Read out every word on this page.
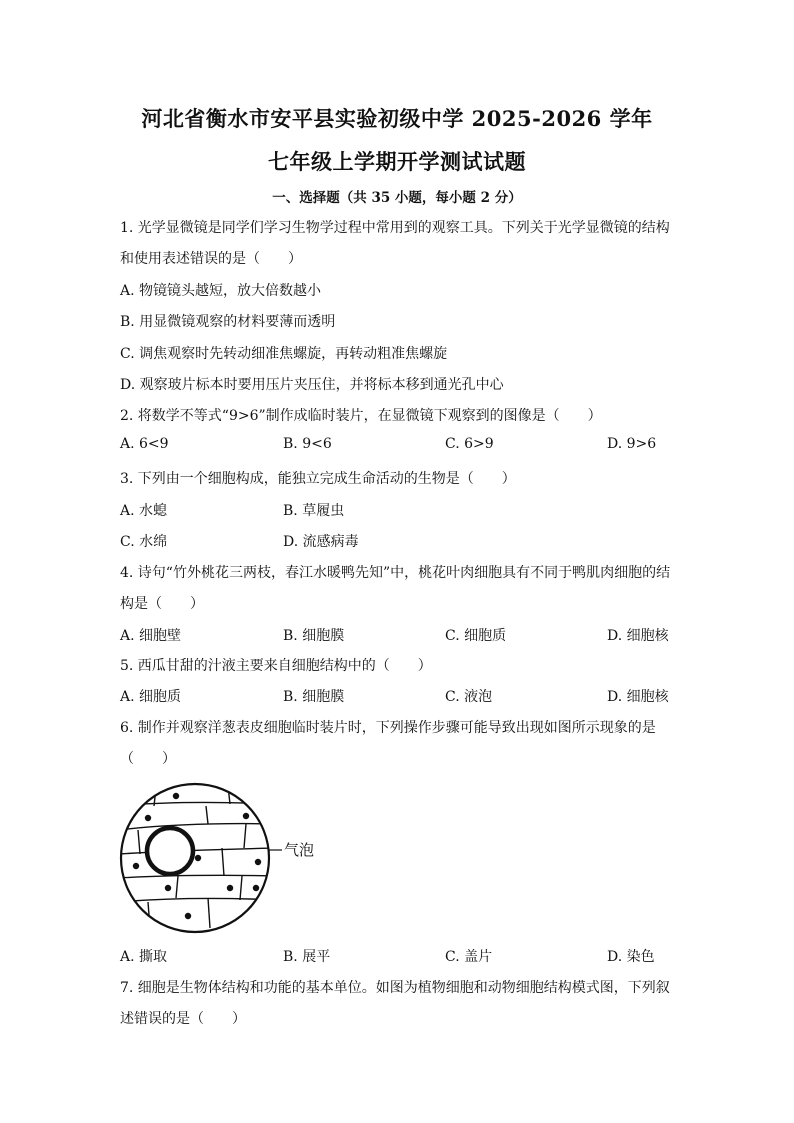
河北省衡水市安平县实验初级中学 2025-2026 学年
七年级上学期开学测试试题
一、选择题（共 35 小题，每小题 2 分）
1. 光学显微镜是同学们学习生物学过程中常用到的观察工具。下列关于光学显微镜的结构
和使用表述错误的是（　　）
A. 物镜镜头越短，放大倍数越小
B. 用显微镜观察的材料要薄而透明
C. 调焦观察时先转动细准焦螺旋，再转动粗准焦螺旋
D. 观察玻片标本时要用压片夹压住，并将标本移到通光孔中心
2. 将数学不等式“9>6”制作成临时装片，在显微镜下观察到的图像是（　　）
A. 6<9	B. 9<6	C. 6>9	D. 9>6
3. 下列由一个细胞构成，能独立完成生命活动的生物是（　　）
A. 水螅	B. 草履虫
C. 水绵	D. 流感病毒
4. 诗句“竹外桃花三两枝，春江水暖鸭先知”中，桃花叶肉细胞具有不同于鸭肌肉细胞的结
构是（　　）
A. 细胞壁	B. 细胞膜	C. 细胞质	D. 细胞核
5. 西瓜甘甜的汁液主要来自细胞结构中的（　　）
A. 细胞质	B. 细胞膜	C. 液泡	D. 细胞核
6. 制作并观察洋葱表皮细胞临时装片时，下列操作步骤可能导致出现如图所示现象的是
（　　）
气泡
A. 撕取	B. 展平	C. 盖片	D. 染色
7. 细胞是生物体结构和功能的基本单位。如图为植物细胞和动物细胞结构模式图，下列叙
述错误的是（　　）
